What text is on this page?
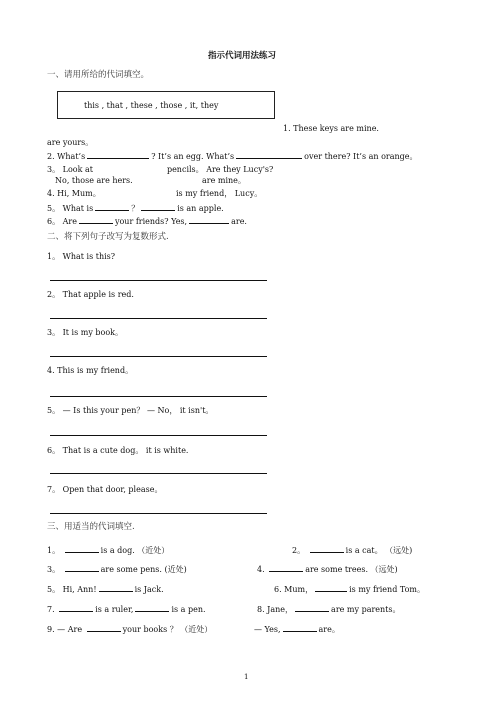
指示代词用法练习
一、请用所给的代词填空。
this , that , these , those , it, they
1. These keys are mine.
are yours。
2. What’s	? It’s an egg. What’s	over there? It’s an orange。
3。 Look at	pencils。 Are they Lucy's?
No, those are hers.	are mine。
4. Hi, Mum。	is my friend， Lucy。
5。 What is	？	is an apple.
6。 Are	your friends? Yes,	are.
二、将下列句子改写为复数形式.
1。 What is this?
2。 That apple is red.
3。 It is my book。
4. This is my friend。
5。 — Is this your pen？ — No， it isn't。
6。 That is a cute dog。 it is white.
7。 Open that door, please。
三、用适当的代词填空.
1。	is a dog. （近处）	2。	is a cat。 （远处)
3。	are some pens. (近处)	4.	are some trees. （远处)
5。 Hi, Ann!	is Jack.	6. Mum，	is my friend Tom。
7.	is a ruler,	is a pen.	8. Jane，	are my parents。
9. — Are	your books ？ （近处）	— Yes,	are。
1
